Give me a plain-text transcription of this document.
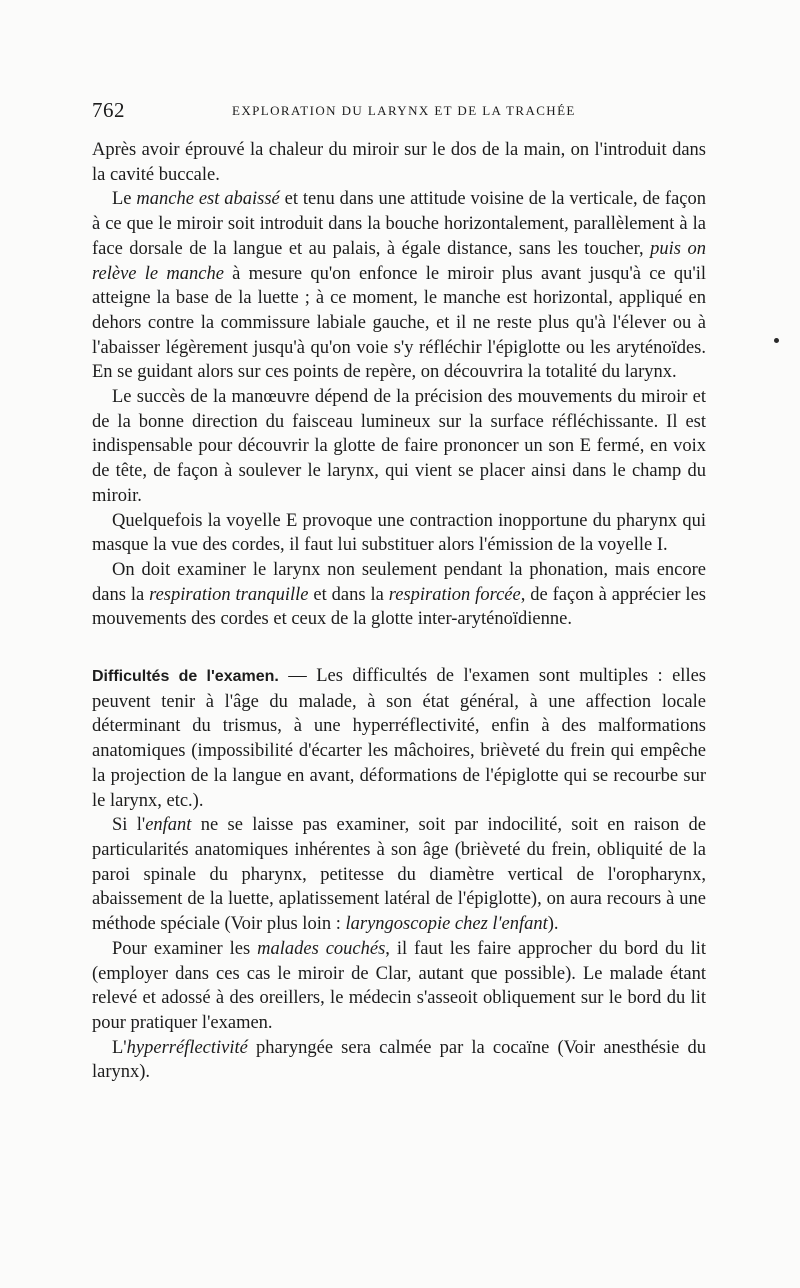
762	EXPLORATION DU LARYNX ET DE LA TRACHÉE

Après avoir éprouvé la chaleur du miroir sur le dos de la main, on l'introduit dans la cavité buccale.

Le manche est abaissé et tenu dans une attitude voisine de la verticale, de façon à ce que le miroir soit introduit dans la bouche horizontalement, parallèlement à la face dorsale de la langue et au palais, à égale distance, sans les toucher, puis on relève le manche à mesure qu'on enfonce le miroir plus avant jusqu'à ce qu'il atteigne la base de la luette ; à ce moment, le manche est horizontal, appliqué en dehors contre la commissure labiale gauche, et il ne reste plus qu'à l'élever ou à l'abaisser légèrement jusqu'à qu'on voie s'y réfléchir l'épiglotte ou les aryténoïdes. En se guidant alors sur ces points de repère, on découvrira la totalité du larynx.

Le succès de la manœuvre dépend de la précision des mouvements du miroir et de la bonne direction du faisceau lumineux sur la surface réfléchissante. Il est indispensable pour découvrir la glotte de faire prononcer un son E fermé, en voix de tête, de façon à soulever le larynx, qui vient se placer ainsi dans le champ du miroir.

Quelquefois la voyelle E provoque une contraction inopportune du pharynx qui masque la vue des cordes, il faut lui substituer alors l'émission de la voyelle I.

On doit examiner le larynx non seulement pendant la phonation, mais encore dans la respiration tranquille et dans la respiration forcée, de façon à apprécier les mouvements des cordes et ceux de la glotte inter-aryténoïdienne.

Difficultés de l'examen. — Les difficultés de l'examen sont multiples : elles peuvent tenir à l'âge du malade, à son état général, à une affection locale déterminant du trismus, à une hyperréflectivité, enfin à des malformations anatomiques (impossibilité d'écarter les mâchoires, brièveté du frein qui empêche la projection de la langue en avant, déformations de l'épiglotte qui se recourbe sur le larynx, etc.).

Si l'enfant ne se laisse pas examiner, soit par indocilité, soit en raison de particularités anatomiques inhérentes à son âge (brièveté du frein, obliquité de la paroi spinale du pharynx, petitesse du diamètre vertical de l'oropharynx, abaissement de la luette, aplatissement latéral de l'épiglotte), on aura recours à une méthode spéciale (Voir plus loin : laryngoscopie chez l'enfant).

Pour examiner les malades couchés, il faut les faire approcher du bord du lit (employer dans ces cas le miroir de Clar, autant que possible). Le malade étant relevé et adossé à des oreillers, le médecin s'asseoit obliquement sur le bord du lit pour pratiquer l'examen.

L'hyperréflectivité pharyngée sera calmée par la cocaïne (Voir anesthésie du larynx).
